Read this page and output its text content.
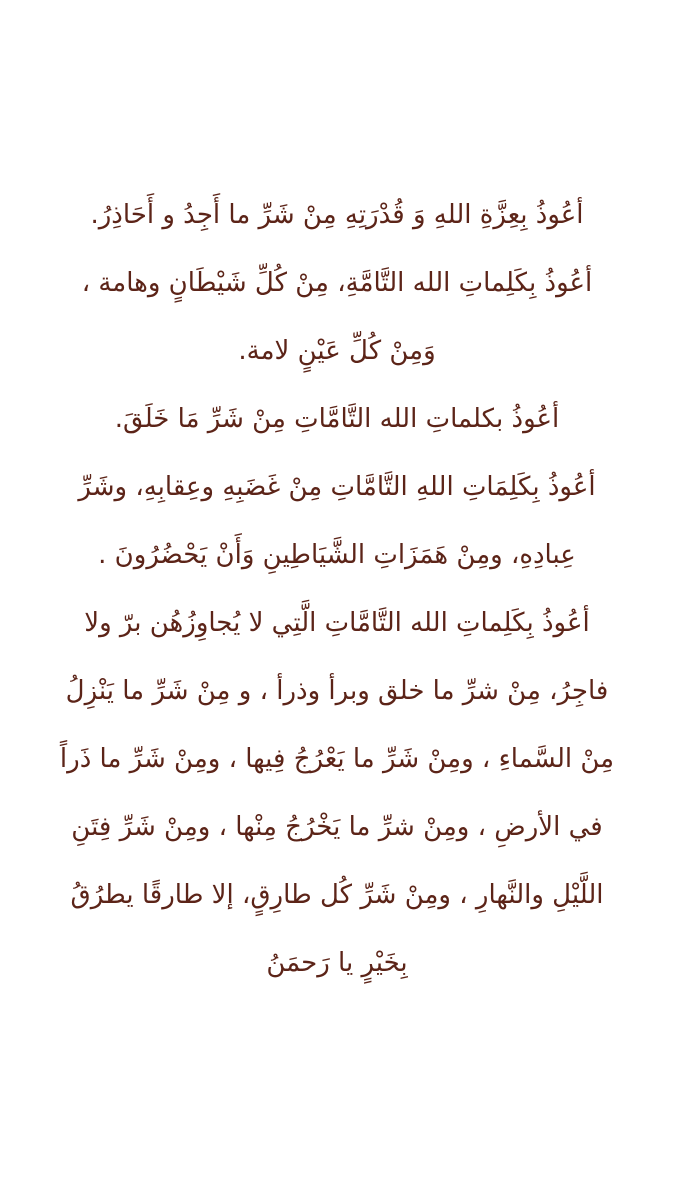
أعُوذُ بِعِزَّةِ اللهِ وَ قُدْرَتِهِ مِنْ شَرِّ ما أَجِدُ و أَحَاذِرُ.
أعُوذُ بِكَلِماتِ الله التَّامَّةِ، مِنْ كُلِّ شَيْطَانٍ وهامة ،
وَمِنْ كُلِّ عَيْنٍ لامة.
أعُوذُ بكلماتِ الله التَّامَّاتِ مِنْ شَرِّ مَا خَلَقَ.
أعُوذُ بِكَلِمَاتِ اللهِ التَّامَّاتِ مِنْ غَضَبِهِ وعِقابِهِ، وشَرِّ
عِبادِهِ، ومِنْ هَمَزَاتِ الشَّيَاطِينِ وَأَنْ يَحْضُرُونَ .
أعُوذُ بِكَلِماتِ الله التَّامَّاتِ الَّتِي لا يُجاوِزُهُن برّ ولا
فاجِرُ، مِنْ شرِّ ما خلق وبرأ وذرأ ، و مِنْ شَرِّ ما يَنْزِلُ
مِنْ السَّماءِ ، ومِنْ شَرِّ ما يَعْرُجُ فِيها ، ومِنْ شَرِّ ما ذَراً
في الأرضِ ، ومِنْ شرِّ ما يَخْرُجُ مِنْها ، ومِنْ شَرِّ فِتَنِ
اللَّيْلِ والنَّهارِ ، ومِنْ شَرِّ كُل طارِقٍ، إلا طارقًا يطرُقُ
بِخَيْرٍ يا رَحمَنُ
